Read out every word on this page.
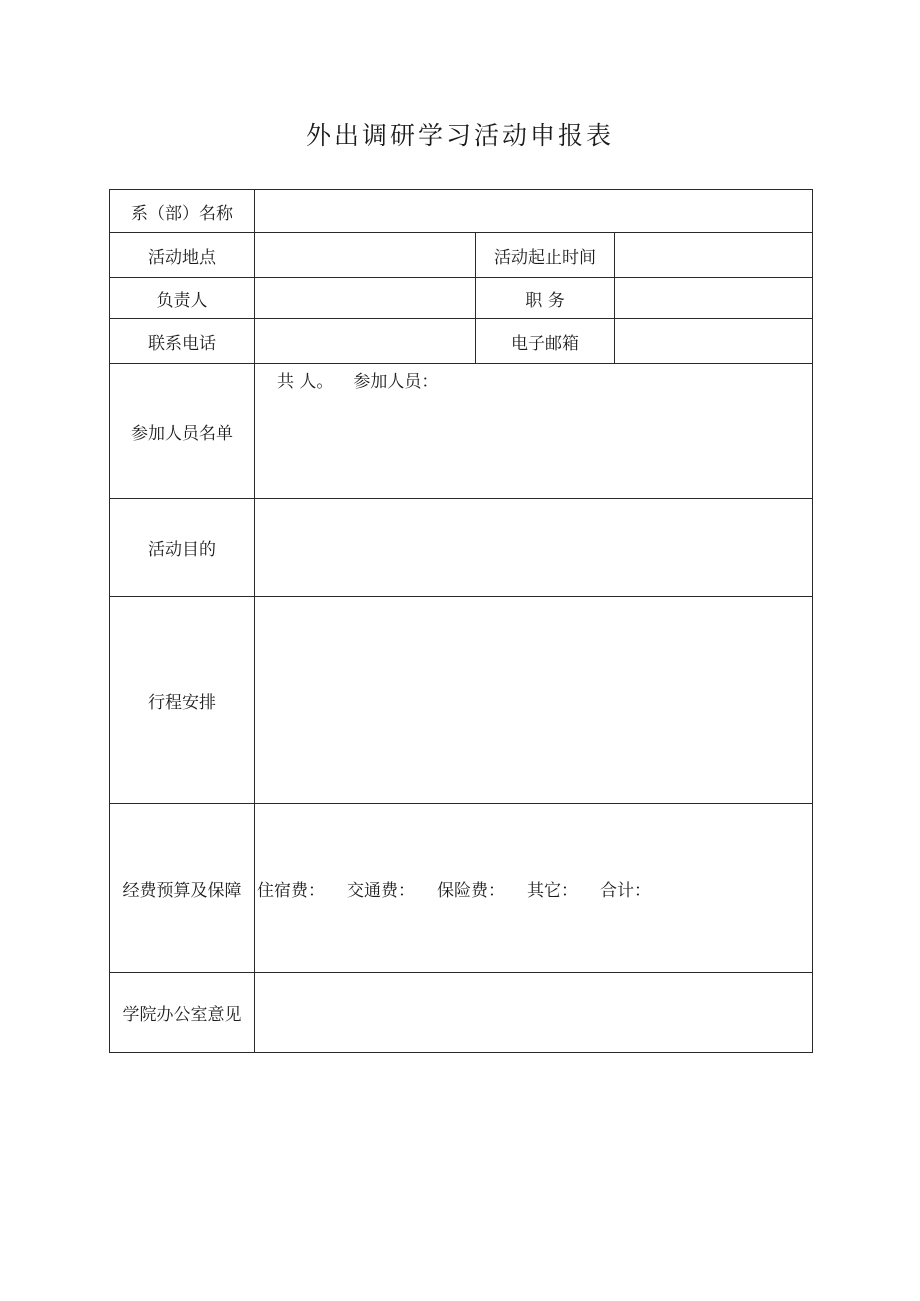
外出调研学习活动申报表
系（部）名称			
活动地点		活动起止时间	
负责人		职 务	
联系电话		电子邮箱	
参加人员名单	共 人。 参加人员：		

活动目的			
行程安排			
经费预算及保障	住宿费： 交通费： 保险费： 其它： 合计：		

学院办公室意见			
